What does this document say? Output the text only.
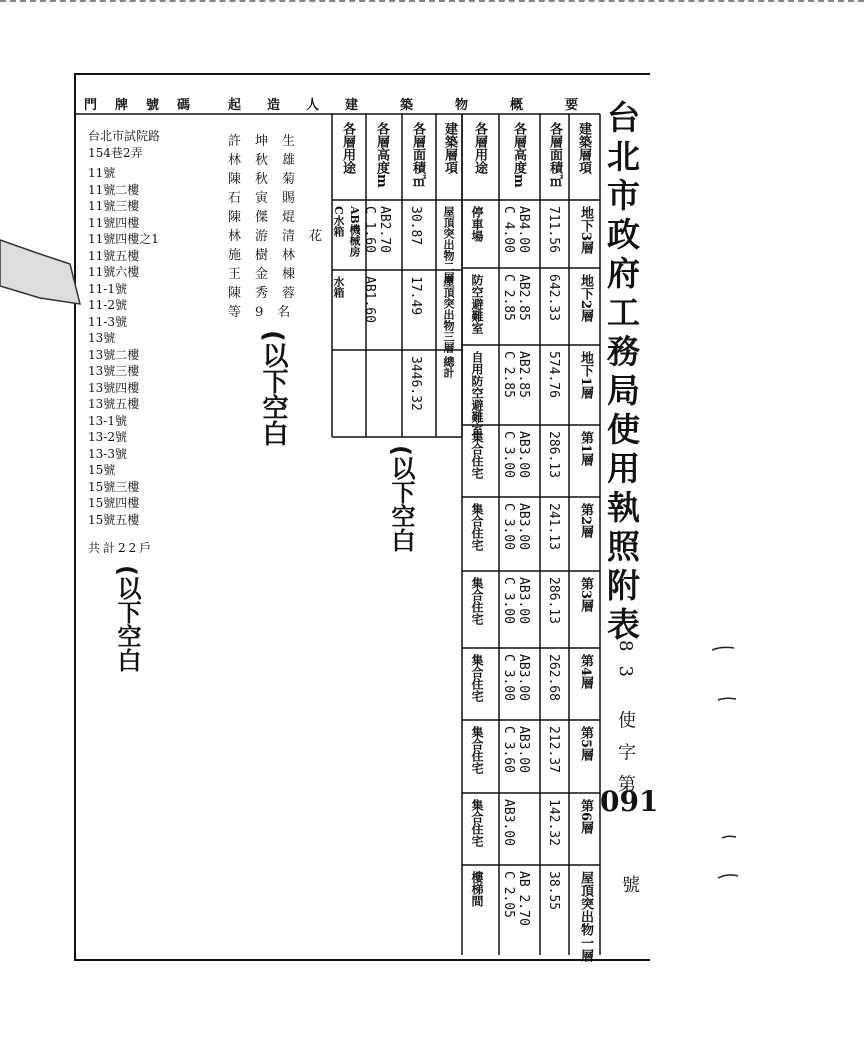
台北市政府工務局使用執照附表
83 使字第
091
號
門牌號碼 起造人 建築物概要
建築層項
各層面積㎡
各層高度m
各層用途
地下3層
711.56
AB4.00
C 4.00
停車場
地下2層
642.33
AB2.85
C 2.85
防空避難室
地下1層
574.76
AB2.85
C 2.85
自用防空避難室
第1層
286.13
AB3.00
C 3.00
集合住宅
第2層
241.13
AB3.00
C 3.00
集合住宅
第3層
286.13
AB3.00
C 3.00
集合住宅
第4層
262.68
AB3.00
C 3.00
集合住宅
第5層
212.37
AB3.00
C 3.60
集合住宅
第6層
142.32
AB3.00
集合住宅
屋頂突出物一層
38.55
AB 2.70
C 2.05
樓梯間
建築層項
各層面積㎡
各層高度m
各層用途
屋頂突出物二層
30.87
AB2.70
C 1.60
AB機械房
C水箱
屋頂突出物三層
17.49
AB1.60
水箱
總計
3446.32
許坤生
林秋雄
陳秋菊
石寅賜
陳傑焜
林游清花
施樹林
王金棟
陳秀蓉
等9名
台北市試院路
154巷2弄
11號
11號二樓
11號三樓
11號四樓
11號四樓之1
11號五樓
11號六樓
11-1號
11-2號
11-3號
13號
13號二樓
13號三樓
13號四樓
13號五樓
13-1號
13-2號
13-3號
15號
15號三樓
15號四樓
15號五樓
共計22戶
(以下空白
(以下空白
(以下空白
